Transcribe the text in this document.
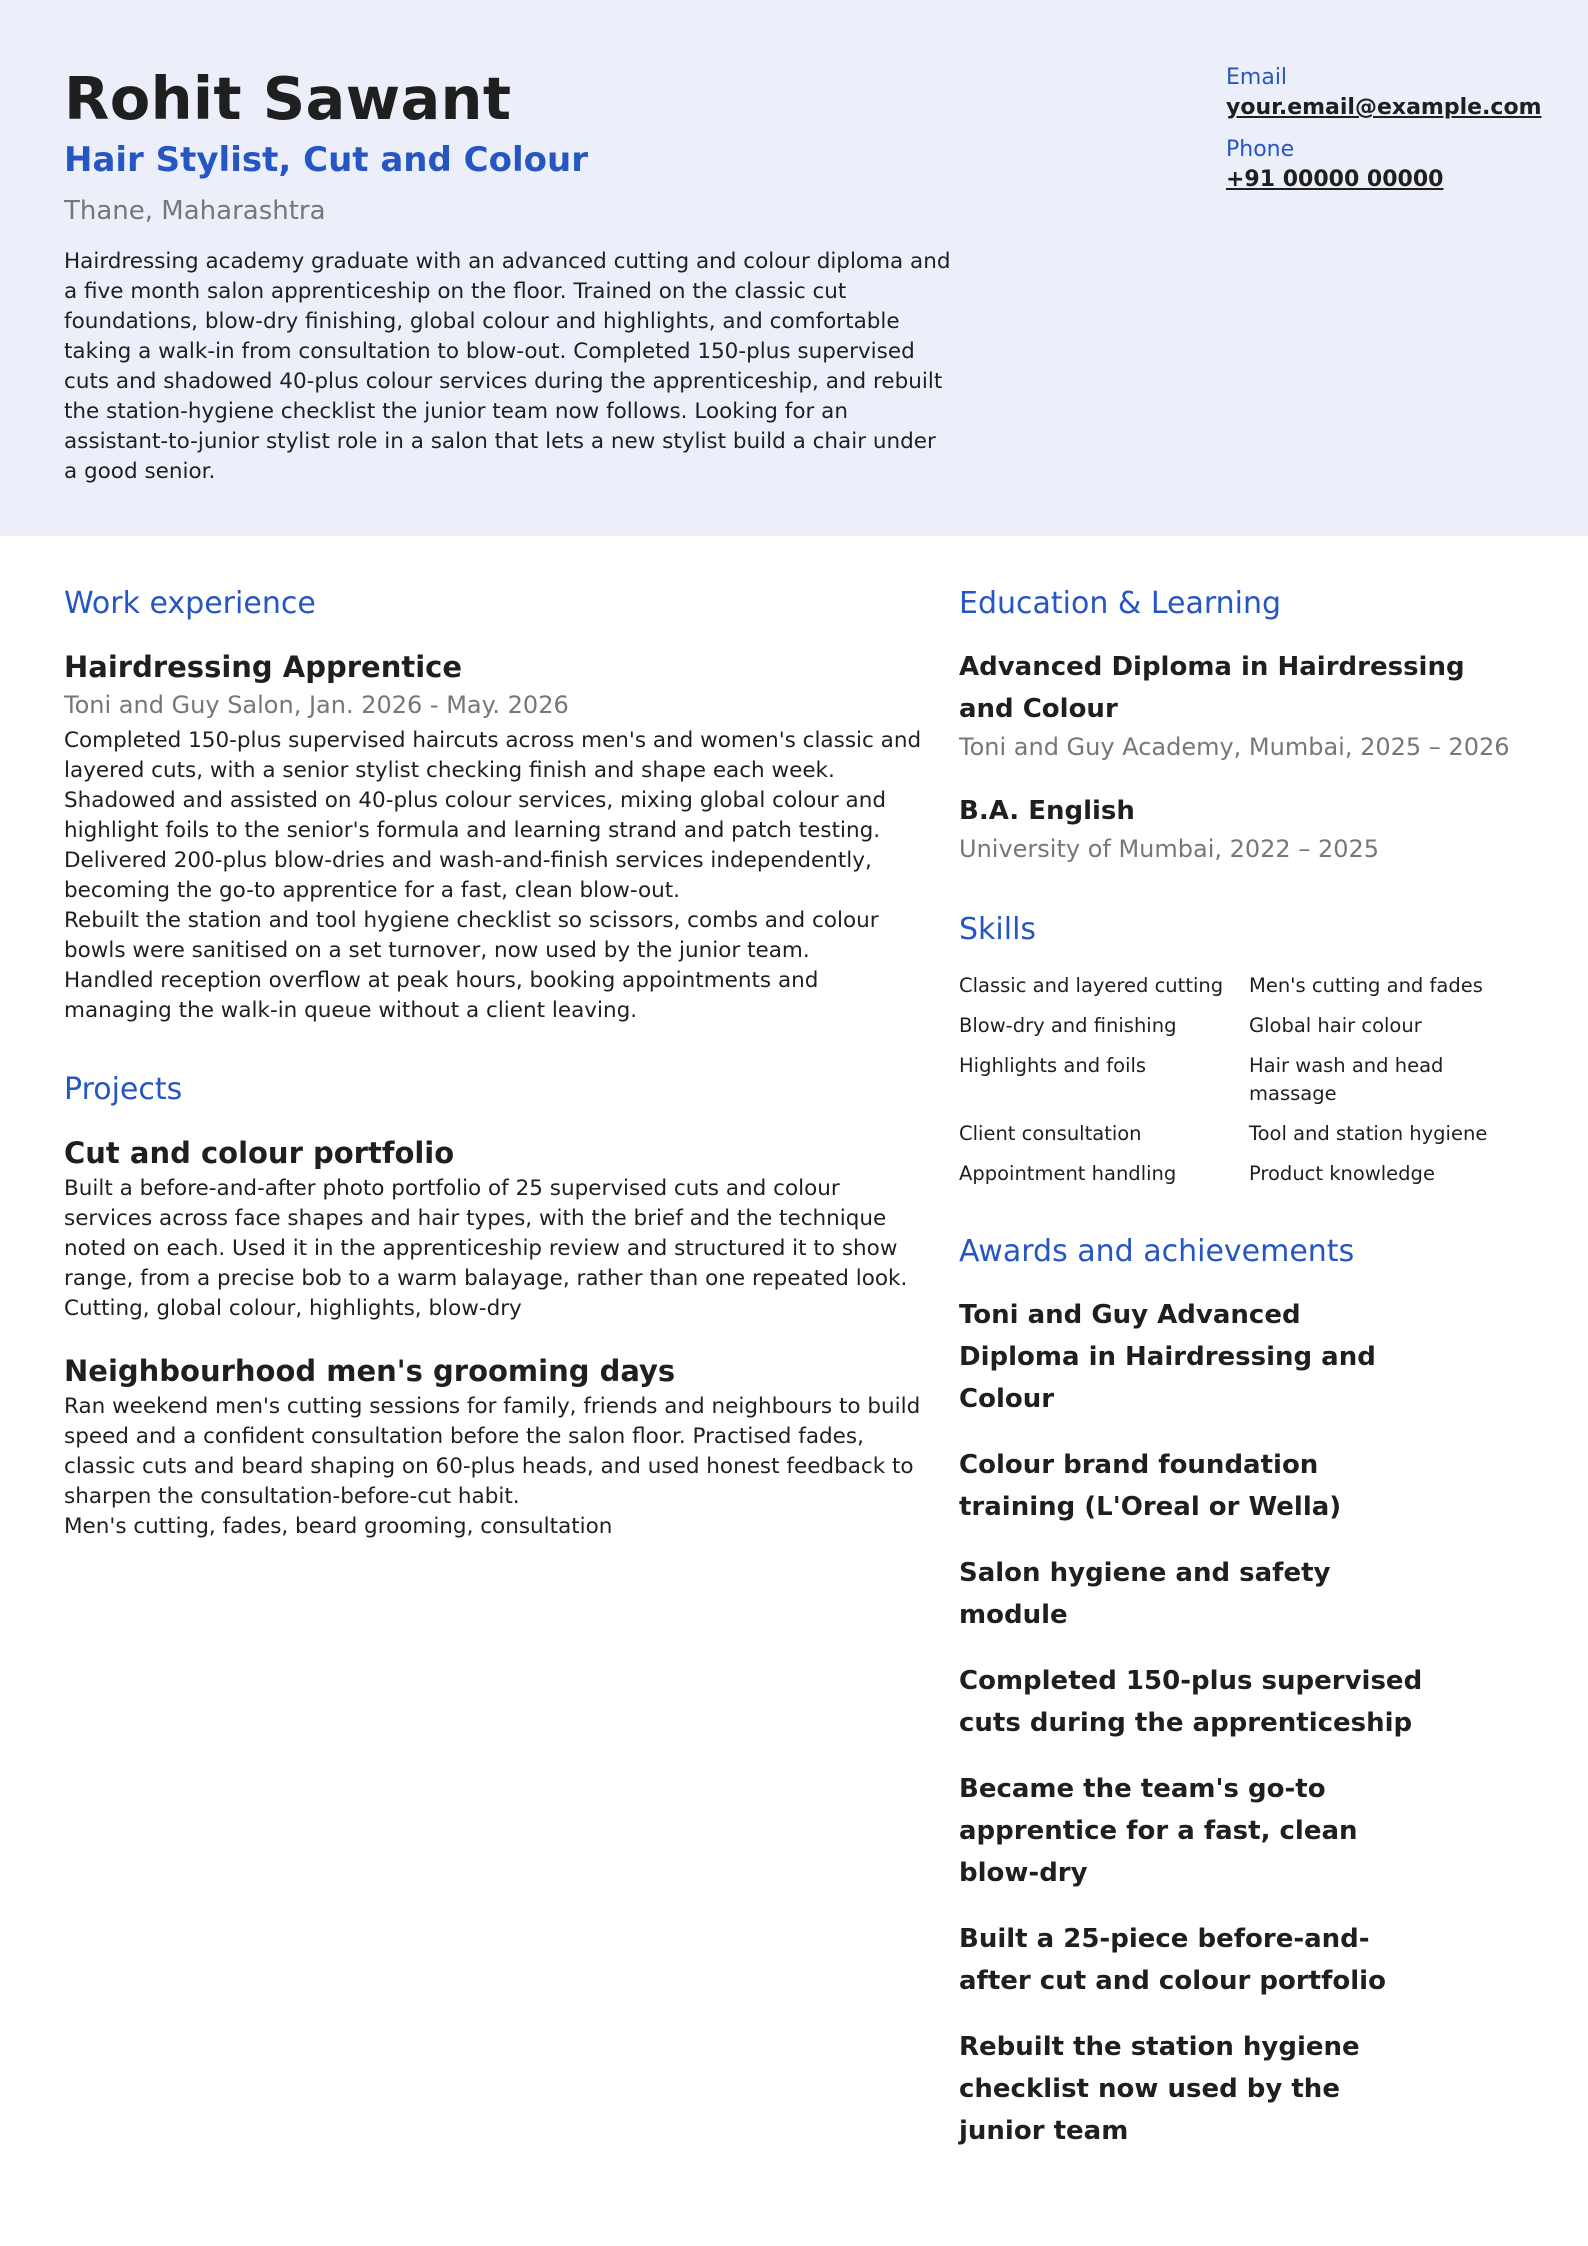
Rohit Sawant
Hair Stylist, Cut and Colour

Thane, Maharashtra

Hairdressing academy graduate with an advanced cutting and colour diploma and a five month salon apprenticeship on the floor. Trained on the classic cut foundations, blow-dry finishing, global colour and highlights, and comfortable taking a walk-in from consultation to blow-out. Completed 150-plus supervised cuts and shadowed 40-plus colour services during the apprenticeship, and rebuilt the station-hygiene checklist the junior team now follows. Looking for an assistant-to-junior stylist role in a salon that lets a new stylist build a chair under a good senior.

Email
your.email@example.com
Phone
+91 00000 00000
Work experience

Hairdressing Apprentice

Toni and Guy Salon, Jan. 2026 - May. 2026

Completed 150-plus supervised haircuts across men's and women's classic and layered cuts, with a senior stylist checking finish and shape each week.

Shadowed and assisted on 40-plus colour services, mixing global colour and highlight foils to the senior's formula and learning strand and patch testing.

Delivered 200-plus blow-dries and wash-and-finish services independently, becoming the go-to apprentice for a fast, clean blow-out.

Rebuilt the station and tool hygiene checklist so scissors, combs and colour bowls were sanitised on a set turnover, now used by the junior team.

Handled reception overflow at peak hours, booking appointments and managing the walk-in queue without a client leaving.

Projects

Cut and colour portfolio

Built a before-and-after photo portfolio of 25 supervised cuts and colour services across face shapes and hair types, with the brief and the technique noted on each. Used it in the apprenticeship review and structured it to show range, from a precise bob to a warm balayage, rather than one repeated look.

Cutting, global colour, highlights, blow-dry

Neighbourhood men's grooming days

Ran weekend men's cutting sessions for family, friends and neighbours to build speed and a confident consultation before the salon floor. Practised fades, classic cuts and beard shaping on 60-plus heads, and used honest feedback to sharpen the consultation-before-cut habit.

Men's cutting, fades, beard grooming, consultation

Education & Learning

Advanced Diploma in Hairdressing and Colour

Toni and Guy Academy, Mumbai, 2025 – 2026

B.A. English

University of Mumbai, 2022 – 2025

Skills
Classic and layered cutting	Men's cutting and fades
Blow-dry and finishing	Global hair colour
Highlights and foils	Hair wash and head massage
Client consultation	Tool and station hygiene
Appointment handling	Product knowledge
Awards and achievements

Toni and Guy Advanced Diploma in Hairdressing and Colour

Colour brand foundation training (L'Oreal or Wella)

Salon hygiene and safety module

Completed 150-plus supervised cuts during the apprenticeship

Became the team's go-to apprentice for a fast, clean blow-dry

Built a 25-piece before-and-after cut and colour portfolio

Rebuilt the station hygiene checklist now used by the junior team
